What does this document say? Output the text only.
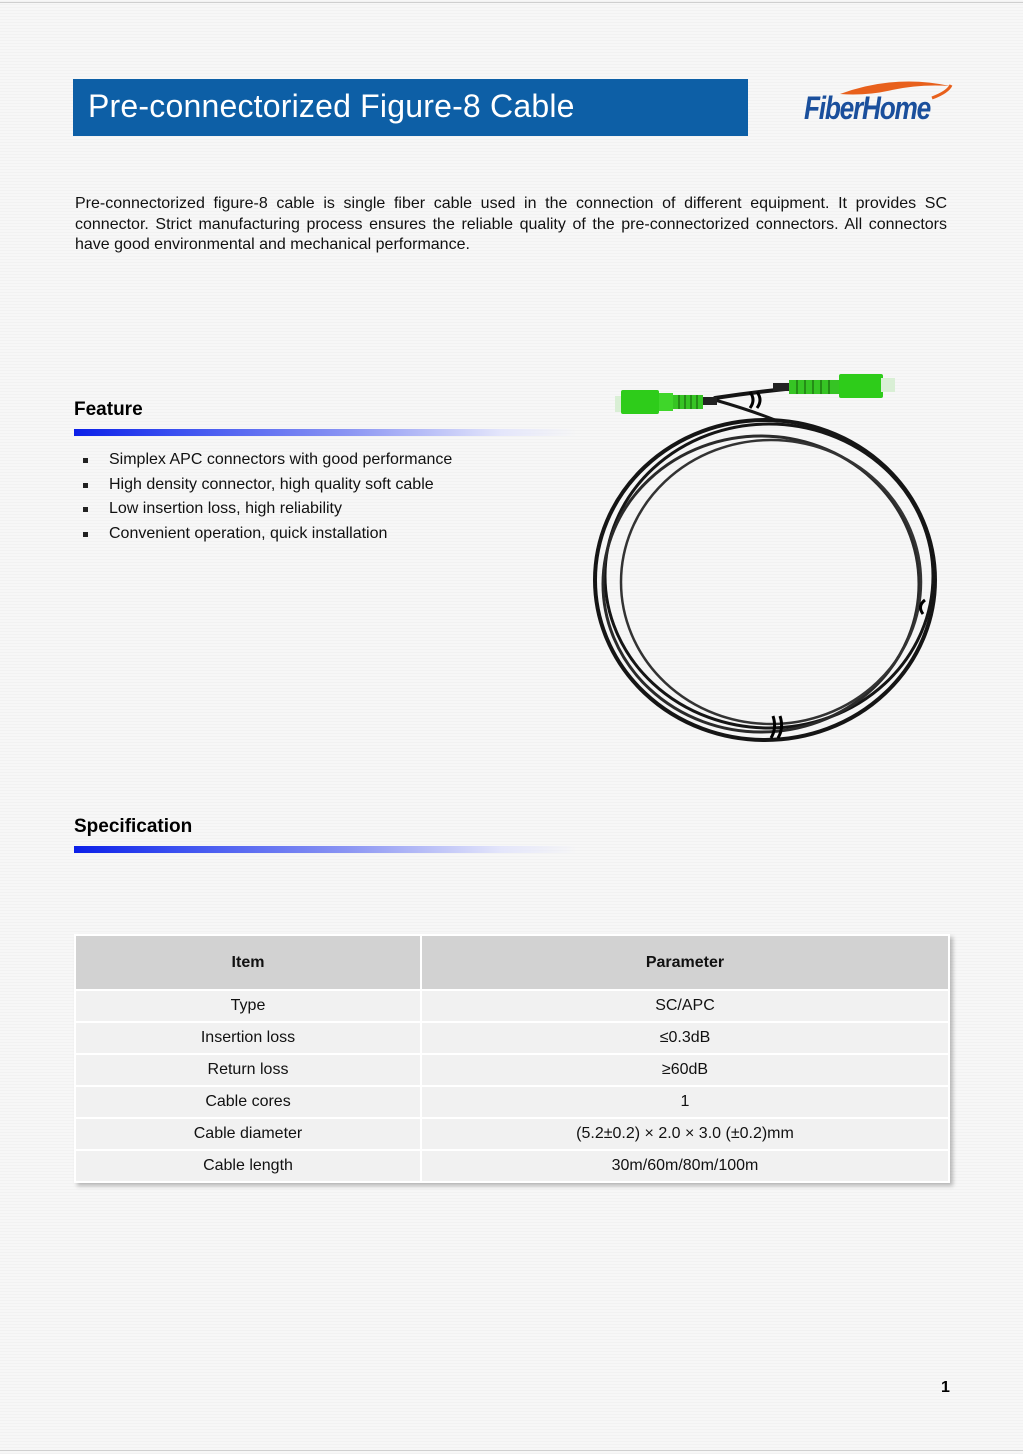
Pre-connectorized Figure-8 Cable	FiberHome
Pre-connectorized figure-8 cable is single fiber cable used in the connection of different equipment. It provides SC connector. Strict manufacturing process ensures the reliable quality of the pre-connectorized connectors. All connectors have good environmental and mechanical performance.
Feature
Simplex APC connectors with good performance
High density connector, high quality soft cable
Low insertion loss, high reliability
Convenient operation, quick installation
Specification
Item	Parameter
Type	SC/APC
Insertion loss	≤0.3dB
Return loss	≥60dB
Cable cores	1
Cable diameter	(5.2±0.2) × 2.0 × 3.0 (±0.2)mm
Cable length	30m/60m/80m/100m
1
